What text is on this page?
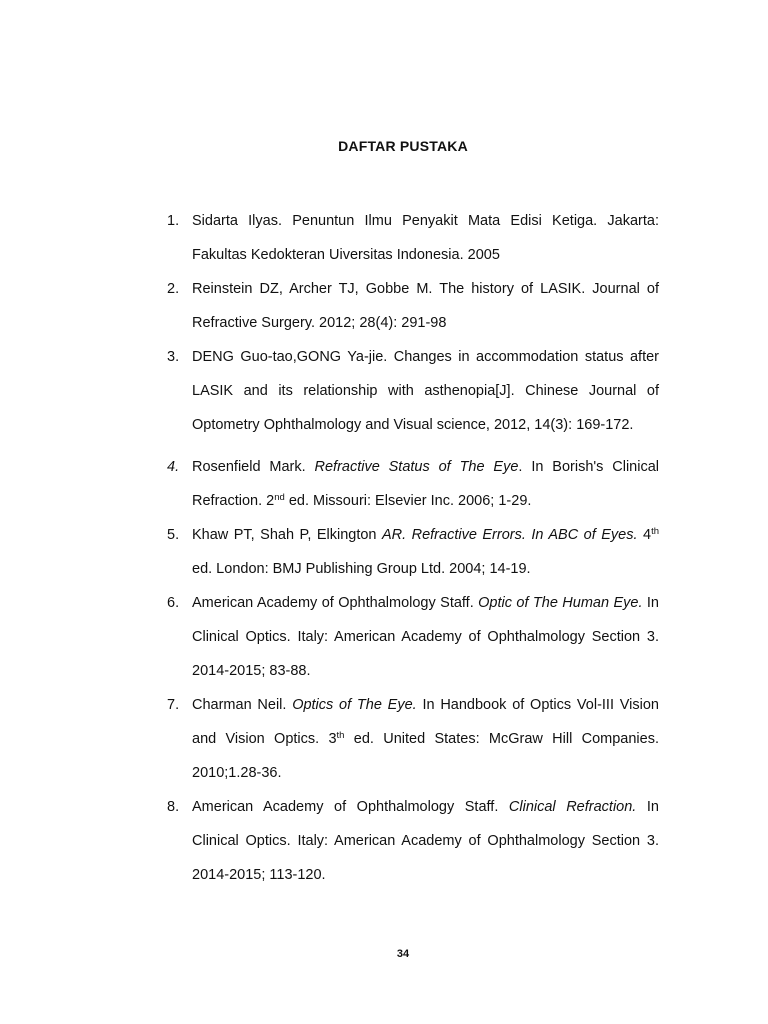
DAFTAR PUSTAKA
1. Sidarta Ilyas. Penuntun Ilmu Penyakit Mata Edisi Ketiga. Jakarta: Fakultas Kedokteran Uiversitas Indonesia. 2005
2. Reinstein DZ, Archer TJ, Gobbe M. The history of LASIK. Journal of Refractive Surgery. 2012; 28(4): 291-98
3. DENG Guo-tao,GONG Ya-jie. Changes in accommodation status after LASIK and its relationship with asthenopia[J]. Chinese Journal of Optometry Ophthalmology and Visual science, 2012, 14(3): 169-172.
4. Rosenfield Mark. Refractive Status of The Eye. In Borish's Clinical Refraction. 2nd ed. Missouri: Elsevier Inc. 2006; 1-29.
5. Khaw PT, Shah P, Elkington AR. Refractive Errors. In ABC of Eyes. 4th ed. London: BMJ Publishing Group Ltd. 2004; 14-19.
6. American Academy of Ophthalmology Staff. Optic of The Human Eye. In Clinical Optics. Italy: American Academy of Ophthalmology Section 3. 2014-2015; 83-88.
7. Charman Neil. Optics of The Eye. In Handbook of Optics Vol-III Vision and Vision Optics. 3th ed. United States: McGraw Hill Companies. 2010;1.28-36.
8. American Academy of Ophthalmology Staff. Clinical Refraction. In Clinical Optics. Italy: American Academy of Ophthalmology Section 3. 2014-2015; 113-120.
34
